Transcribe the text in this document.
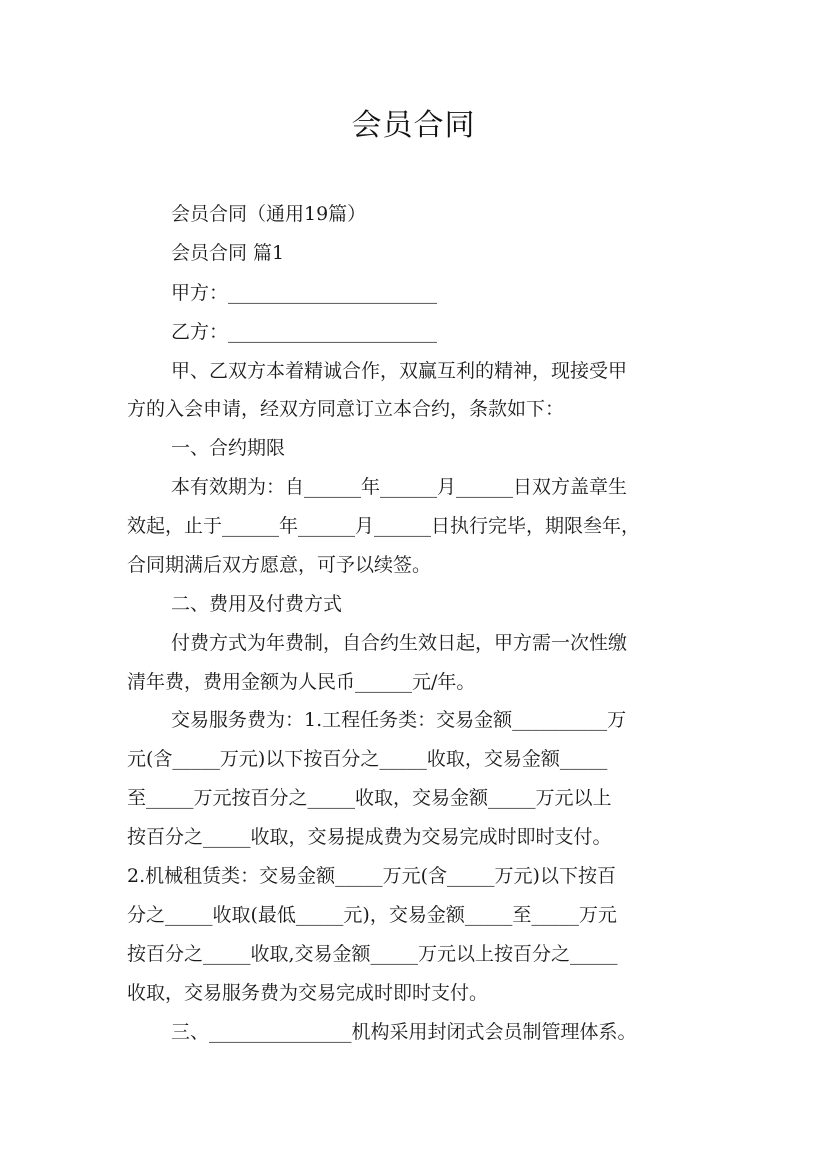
会员合同
会员合同（通用19篇）
会员合同 篇1
甲方：______________________
乙方：______________________
甲、乙双方本着精诚合作，双赢互利的精神，现接受甲
方的入会申请，经双方同意订立本合约，条款如下：
一、合约期限
本有效期为：自______年______月______日双方盖章生
效起，止于______年______月______日执行完毕，期限叁年，
合同期满后双方愿意，可予以续签。
二、费用及付费方式
付费方式为年费制，自合约生效日起，甲方需一次性缴
清年费，费用金额为人民币______元/年。
交易服务费为：1.工程任务类：交易金额__________万
元(含_____万元)以下按百分之_____收取，交易金额_____
至_____万元按百分之_____收取，交易金额_____万元以上
按百分之_____收取，交易提成费为交易完成时即时支付。
2.机械租赁类：交易金额_____万元(含_____万元)以下按百
分之_____收取(最低_____元)，交易金额_____至_____万元
按百分之_____收取,交易金额_____万元以上按百分之_____
收取，交易服务费为交易完成时即时支付。
三、_______________机构采用封闭式会员制管理体系。
